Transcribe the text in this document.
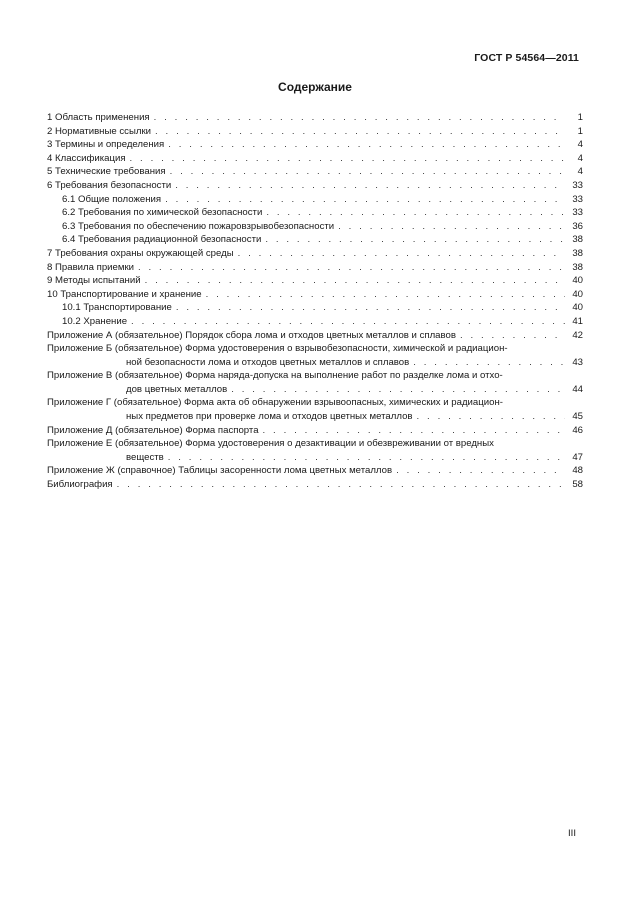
ГОСТ Р 54564—2011
Содержание
1 Область применения . . .	1
2 Нормативные ссылки . . .	1
3 Термины и определения . . .	4
4 Классификация . . .	4
5 Технические требования . . .	4
6 Требования безопасности . . .	33
6.1 Общие положения . . .	33
6.2 Требования по химической безопасности . . .	33
6.3 Требования по обеспечению пожаровзрывобезопасности . . .	36
6.4 Требования радиационной безопасности . . .	38
7 Требования охраны окружающей среды . . .	38
8 Правила приемки . . .	38
9 Методы испытаний . . .	40
10 Транспортирование и хранение . . .	40
10.1 Транспортирование . . .	40
10.2 Хранение . . .	41
Приложение А (обязательное) Порядок сбора лома и отходов цветных металлов и сплавов . . .	42
Приложение Б (обязательное) Форма удостоверения о взрывобезопасности, химической и радиацион-
ной безопасности лома и отходов цветных металлов и сплавов . . .	43
Приложение В (обязательное) Форма наряда-допуска на выполнение работ по разделке лома и отхо-
дов цветных металлов . . .	44
Приложение Г (обязательное) Форма акта об обнаружении взрывоопасных, химических и радиацион-
ных предметов при проверке лома и отходов цветных металлов . . .	45
Приложение Д (обязательное) Форма паспорта . . .	46
Приложение Е (обязательное) Форма удостоверения о дезактивации и обезвреживании от вредных
веществ . . .	47
Приложение Ж (справочное) Таблицы засоренности лома цветных металлов . . .	48
Библиография . . .	58
III
